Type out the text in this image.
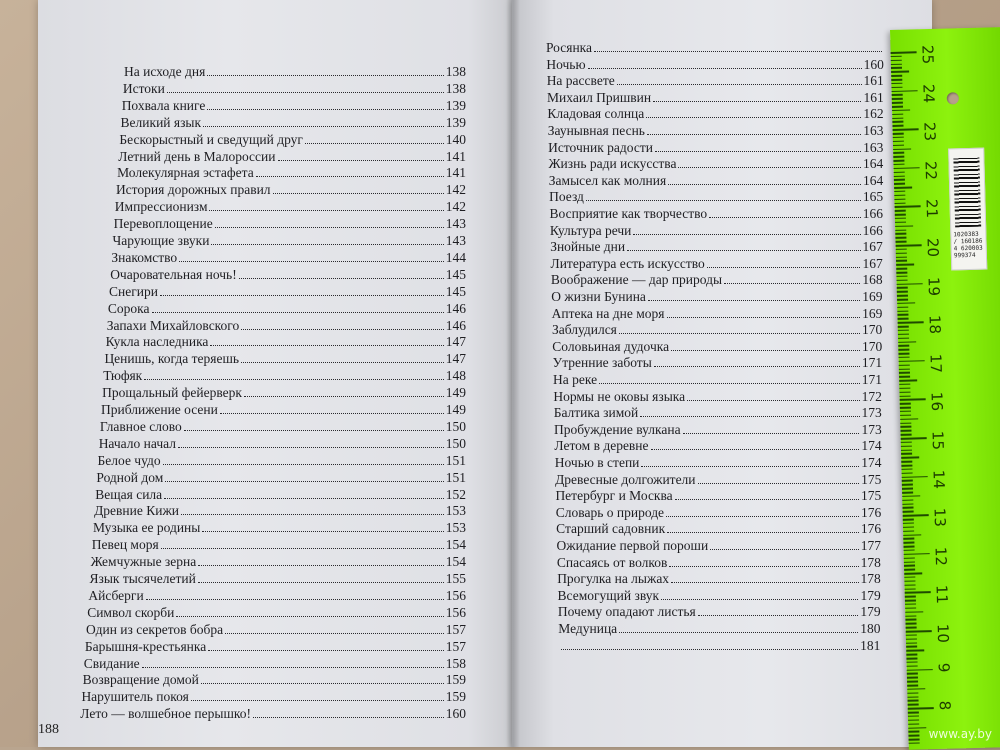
На исходе дня	138
Истоки	138
Похвала книге	139
Великий язык	139
Бескорыстный и сведущий друг	140
Летний день в Малороссии	141
Молекулярная эстафета	141
История дорожных правил	142
Импрессионизм	142
Перевоплощение	143
Чарующие звуки	143
Знакомство	144
Очаровательная ночь!	145
Снегири	145
Сорока	146
Запахи Михайловского	146
Кукла наследника	147
Ценишь, когда теряешь	147
Тюфяк	148
Прощальный фейерверк	149
Приближение осени	149
Главное слово	150
Начало начал	150
Белое чудо	151
Родной дом	151
Вещая сила	152
Древние Кижи	153
Музыка ее родины	153
Певец моря	154
Жемчужные зерна	154
Язык тысячелетий	155
Айсберги	156
Символ скорби	156
Один из секретов бобра	157
Барышня-крестьянка	157
Свидание	158
Возвращение домой	159
Нарушитель покоя	159
Лето — волшебное перышко!	160
Росянка
Ночью	160
На рассвете	161
Михаил Пришвин	161
Кладовая солнца	162
Заунывная песнь	163
Источник радости	163
Жизнь ради искусства	164
Замысел как молния	164
Поезд	165
Восприятие как творчество	166
Культура речи	166
Знойные дни	167
Литература есть искусство	167
Воображение — дар природы	168
О жизни Бунина	169
Аптека на дне моря	169
Заблудился	170
Соловьиная дудочка	170
Утренние заботы	171
На реке	171
Нормы не оковы языка	172
Балтика зимой	173
Пробуждение вулкана	173
Летом в деревне	174
Ночью в степи	174
Древесные долгожители	175
Петербург и Москва	175
Словарь о природе	176
Старший садовник	176
Ожидание первой пороши	177
Спасаясь от волков	178
Прогулка на лыжах	178
Всемогущий звук	179
Почему опадают листья	179
Медуница	180
181
188
1020383 / 160186 4 620003 999374
25
24
23
22
21
20
19
18
17
16
15
14
13
12
11
10
9
8
www.ay.by
